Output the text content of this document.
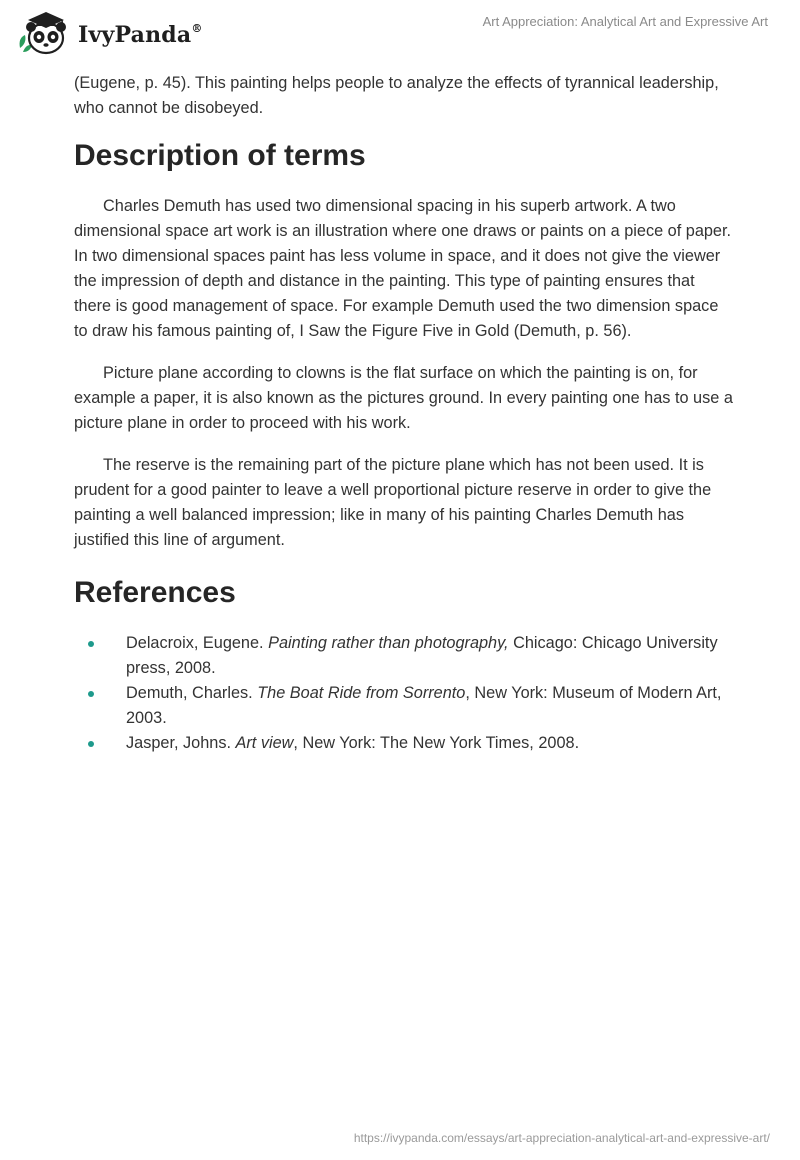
IvyPanda®	Art Appreciation: Analytical Art and Expressive Art

(Eugene, p. 45). This painting helps people to analyze the effects of tyrannical leadership, who cannot be disobeyed.

Description of terms

Charles Demuth has used two dimensional spacing in his superb artwork. A two dimensional space art work is an illustration where one draws or paints on a piece of paper. In two dimensional spaces paint has less volume in space, and it does not give the viewer the impression of depth and distance in the painting. This type of painting ensures that there is good management of space. For example Demuth used the two dimension space to draw his famous painting of, I Saw the Figure Five in Gold (Demuth, p. 56).

Picture plane according to clowns is the flat surface on which the painting is on, for example a paper, it is also known as the pictures ground. In every painting one has to use a picture plane in order to proceed with his work.

The reserve is the remaining part of the picture plane which has not been used. It is prudent for a good painter to leave a well proportional picture reserve in order to give the painting a well balanced impression; like in many of his painting Charles Demuth has justified this line of argument.

References
Delacroix, Eugene. Painting rather than photography, Chicago: Chicago University press, 2008.
Demuth, Charles. The Boat Ride from Sorrento, New York: Museum of Modern Art, 2003.
Jasper, Johns. Art view, New York: The New York Times, 2008.
https://ivypanda.com/essays/art-appreciation-analytical-art-and-expressive-art/
